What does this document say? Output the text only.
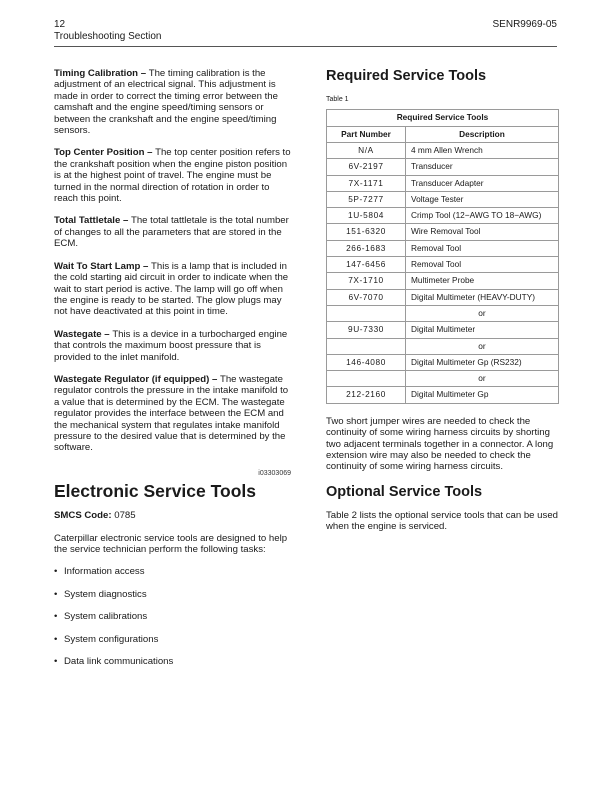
12
Troubleshooting Section
SENR9969-05

Timing Calibration – The timing calibration is the adjustment of an electrical signal. This adjustment is made in order to correct the timing error between the camshaft and the engine speed/timing sensors or between the crankshaft and the engine speed/timing sensors.

Top Center Position – The top center position refers to the crankshaft position when the engine piston position is at the highest point of travel. The engine must be turned in the normal direction of rotation in order to reach this point.

Total Tattletale – The total tattletale is the total number of changes to all the parameters that are stored in the ECM.

Wait To Start Lamp – This is a lamp that is included in the cold starting aid circuit in order to indicate when the wait to start period is active. The lamp will go off when the engine is ready to be started. The glow plugs may not have deactivated at this point in time.

Wastegate – This is a device in a turbocharged engine that controls the maximum boost pressure that is provided to the inlet manifold.

Wastegate Regulator (if equipped) – The wastegate regulator controls the pressure in the intake manifold to a value that is determined by the ECM. The wastegate regulator provides the interface between the ECM and the mechanical system that regulates intake manifold pressure to the desired value that is determined by the software.

i03303069
Electronic Service Tools

SMCS Code: 0785

Caterpillar electronic service tools are designed to help the service technician perform the following tasks:

• Information access
• System diagnostics
• System calibrations
• System configurations
• Data link communications
Required Service Tools
Table 1
Required Service Tools	
Part Number	Description
N/A	4 mm Allen Wrench
6V-2197	Transducer
7X-1171	Transducer Adapter
5P-7277	Voltage Tester
1U-5804	Crimp Tool (12−AWG TO 18−AWG)
151-6320	Wire Removal Tool
266-1683	Removal Tool
147-6456	Removal Tool
7X-1710	Multimeter Probe
6V-7070	Digital Multimeter (HEAVY-DUTY)
	or
9U-7330	Digital Multimeter
	or
146-4080	Digital Multimeter Gp (RS232)
	or
212-2160	Digital Multimeter Gp

Two short jumper wires are needed to check the continuity of some wiring harness circuits by shorting two adjacent terminals together in a connector. A long extension wire may also be needed to check the continuity of some wiring harness circuits.

Optional Service Tools

Table 2 lists the optional service tools that can be used when the engine is serviced.
